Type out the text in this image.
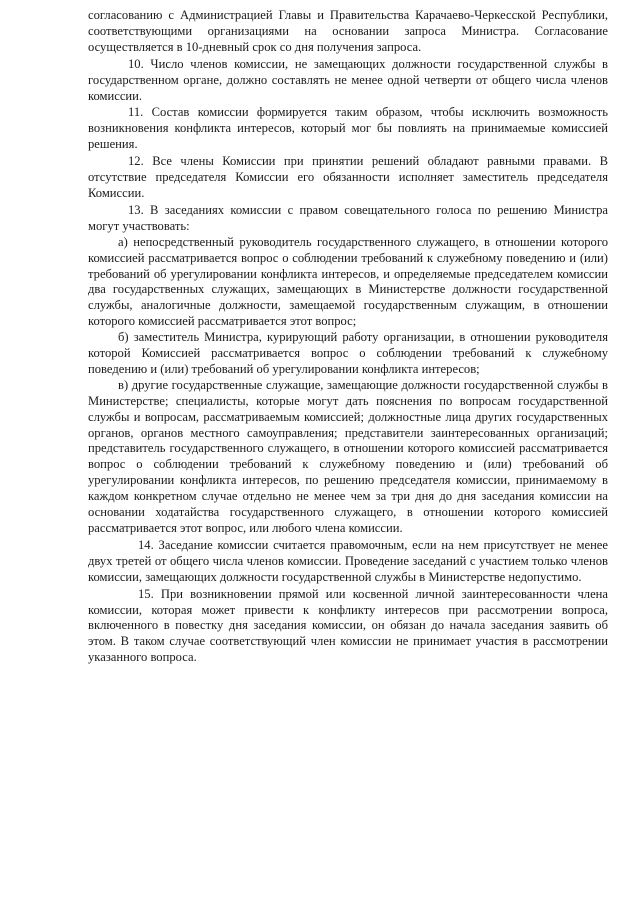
согласованию с Администрацией Главы и Правительства Карачаево-Черкесской Республики, соответствующими организациями на основании запроса Министра. Согласование осуществляется в 10-дневный срок со дня получения запроса.

10. Число членов комиссии, не замещающих должности государственной службы в государственном органе, должно составлять не менее одной четверти от общего числа членов комиссии.

11. Состав комиссии формируется таким образом, чтобы исключить возможность возникновения конфликта интересов, который мог бы повлиять на принимаемые комиссией решения.

12. Все члены Комиссии при принятии решений обладают равными правами. В отсутствие председателя Комиссии его обязанности исполняет заместитель председателя Комиссии.

13. В заседаниях комиссии с правом совещательного голоса по решению Министра могут участвовать:

а) непосредственный руководитель государственного служащего, в отношении которого комиссией рассматривается вопрос о соблюдении требований к служебному поведению и (или) требований об урегулировании конфликта интересов, и определяемые председателем комиссии два государственных служащих, замещающих в Министерстве должности государственной службы, аналогичные должности, замещаемой государственным служащим, в отношении которого комиссией рассматривается этот вопрос;

б) заместитель Министра, курирующий работу организации, в отношении руководителя которой Комиссией рассматривается вопрос о соблюдении требований к служебному поведению и (или) требований об урегулировании конфликта интересов;

в) другие государственные служащие, замещающие должности государственной службы в Министерстве; специалисты, которые могут дать пояснения по вопросам государственной службы и вопросам, рассматриваемым комиссией; должностные лица других государственных органов, органов местного самоуправления; представители заинтересованных организаций; представитель государственного служащего, в отношении которого комиссией рассматривается вопрос о соблюдении требований к служебному поведению и (или) требований об урегулировании конфликта интересов, по решению председателя комиссии, принимаемому в каждом конкретном случае отдельно не менее чем за три дня до дня заседания комиссии на основании ходатайства государственного служащего, в отношении которого комиссией рассматривается этот вопрос, или любого члена комиссии.

14. Заседание комиссии считается правомочным, если на нем присутствует не менее двух третей от общего числа членов комиссии. Проведение заседаний с участием только членов комиссии, замещающих должности государственной службы в Министерстве недопустимо.

15. При возникновении прямой или косвенной личной заинтересованности члена комиссии, которая может привести к конфликту интересов при рассмотрении вопроса, включенного в повестку дня заседания комиссии, он обязан до начала заседания заявить об этом. В таком случае соответствующий член комиссии не принимает участия в рассмотрении указанного вопроса.
